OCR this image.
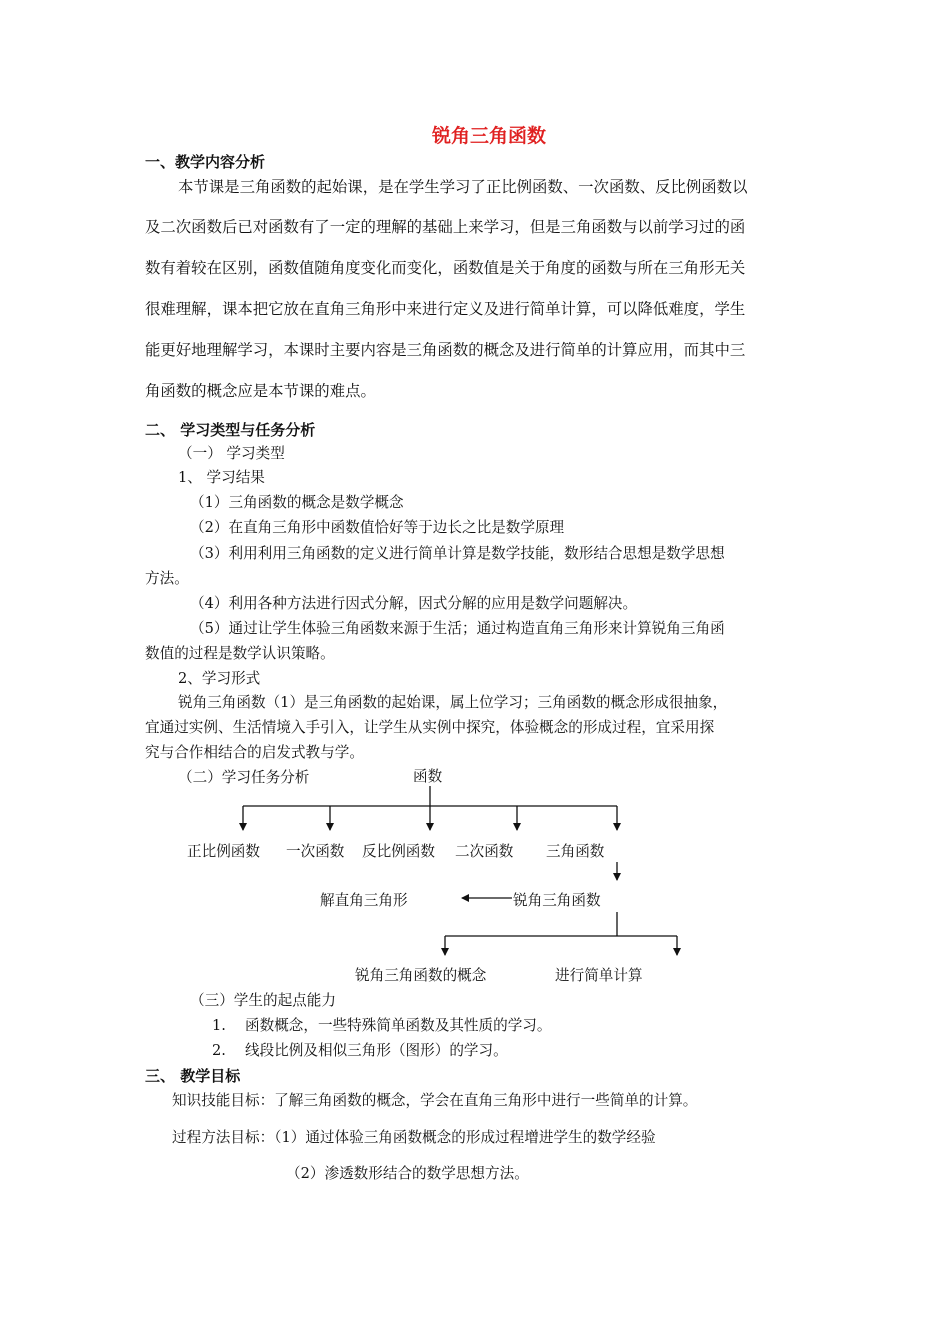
锐角三角函数
一、教学内容分析
本节课是三角函数的起始课，是在学生学习了正比例函数、一次函数、反比例函数以
及二次函数后已对函数有了一定的理解的基础上来学习，但是三角函数与以前学习过的函
数有着较在区别，函数值随角度变化而变化，函数值是关于角度的函数与所在三角形无关
很难理解，课本把它放在直角三角形中来进行定义及进行简单计算，可以降低难度，学生
能更好地理解学习，本课时主要内容是三角函数的概念及进行简单的计算应用，而其中三
角函数的概念应是本节课的难点。
二、 学习类型与任务分析
（一） 学习类型
1、 学习结果
（1）三角函数的概念是数学概念
（2）在直角三角形中函数值恰好等于边长之比是数学原理
（3）利用利用三角函数的定义进行简单计算是数学技能，数形结合思想是数学思想
方法。
（4）利用各种方法进行因式分解，因式分解的应用是数学问题解决。
（5）通过让学生体验三角函数来源于生活；通过构造直角三角形来计算锐角三角函
数值的过程是数学认识策略。
2、学习形式
锐角三角函数（1）是三角函数的起始课，属上位学习；三角函数的概念形成很抽象，
宜通过实例、生活情境入手引入，让学生从实例中探究，体验概念的形成过程，宜采用探
究与合作相结合的启发式教与学。
（二）学习任务分析	函数
正比例函数 一次函数 反比例函数 二次函数 三角函数
解直角三角形	锐角三角函数
锐角三角函数的概念	进行简单计算
（三）学生的起点能力
1. 函数概念，一些特殊简单函数及其性质的学习。
2. 线段比例及相似三角形（图形）的学习。
三、 教学目标
知识技能目标：了解三角函数的概念，学会在直角三角形中进行一些简单的计算。
过程方法目标：（1）通过体验三角函数概念的形成过程增进学生的数学经验
（2）渗透数形结合的数学思想方法。
